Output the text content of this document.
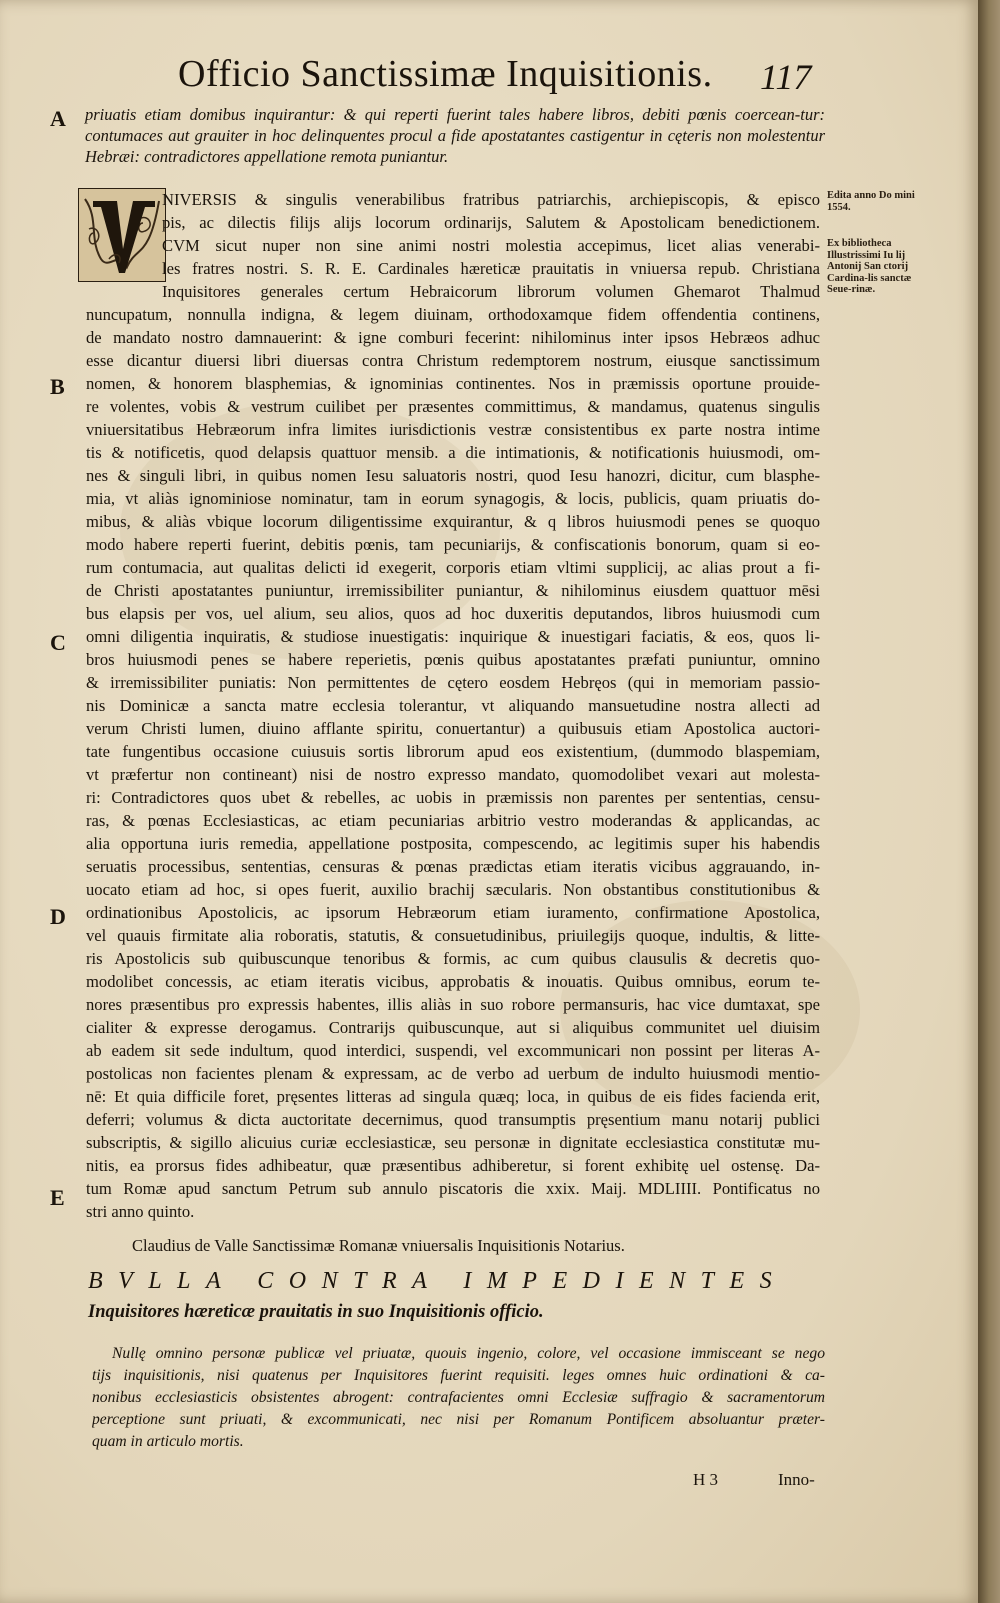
Officio Sanctissimæ Inquisitionis. 117
A
B
C
D
E
priuatis etiam domibus inquirantur: & qui reperti fuerint tales habere libros, debiti pœnis coercean-tur: contumaces aut grauiter in hoc delinquentes procul a fide apostatantes castigentur in cęteris non molestentur Hebræi: contradictores appellatione remota puniantur.
Edita anno Do mini 1554.
Ex bibliotheca Illustrissimi Iu lij Antonij San ctorij Cardina-lis sanctæ Seue-rinæ.
NIVERSIS & singulis venerabilibus fratribus patriarchis, archiepiscopis, & episco
pis, ac dilectis filijs alijs locorum ordinarijs, Salutem & Apostolicam benedictionem.
CVM sicut nuper non sine animi nostri molestia accepimus, licet alias venerabi-
les fratres nostri. S. R. E. Cardinales hæreticæ prauitatis in vniuersa repub. Christiana
Inquisitores generales certum Hebraicorum librorum volumen Ghemarot Thalmud
nuncupatum, nonnulla indigna, & legem diuinam, orthodoxamque fidem offendentia continens,
de mandato nostro damnauerint: & igne comburi fecerint: nihilominus inter ipsos Hebræos adhuc
esse dicantur diuersi libri diuersas contra Christum redemptorem nostrum, eiusque sanctissimum
nomen, & honorem blasphemias, & ignominias continentes. Nos in præmissis oportune prouide-
re volentes, vobis & vestrum cuilibet per præsentes committimus, & mandamus, quatenus singulis
vniuersitatibus Hebræorum infra limites iurisdictionis vestræ consistentibus ex parte nostra intime
tis & notificetis, quod delapsis quattuor mensib. a die intimationis, & notificationis huiusmodi, om-
nes & singuli libri, in quibus nomen Iesu saluatoris nostri, quod Iesu hanozri, dicitur, cum blasphe-
mia, vt aliàs ignominiose nominatur, tam in eorum synagogis, & locis, publicis, quam priuatis do-
mibus, & aliàs vbique locorum diligentissime exquirantur, & q libros huiusmodi penes se quoquo
modo habere reperti fuerint, debitis pœnis, tam pecuniarijs, & confiscationis bonorum, quam si eo-
rum contumacia, aut qualitas delicti id exegerit, corporis etiam vltimi supplicij, ac alias prout a fi-
de Christi apostatantes puniuntur, irremissibiliter puniantur, & nihilominus eiusdem quattuor mēsi
bus elapsis per vos, uel alium, seu alios, quos ad hoc duxeritis deputandos, libros huiusmodi cum
omni diligentia inquiratis, & studiose inuestigatis: inquirique & inuestigari faciatis, & eos, quos li-
bros huiusmodi penes se habere reperietis, pœnis quibus apostatantes præfati puniuntur, omnino
& irremissibiliter puniatis: Non permittentes de cętero eosdem Hebręos (qui in memoriam passio-
nis Dominicæ a sancta matre ecclesia tolerantur, vt aliquando mansuetudine nostra allecti ad
verum Christi lumen, diuino afflante spiritu, conuertantur) a quibusuis etiam Apostolica auctori-
tate fungentibus occasione cuiusuis sortis librorum apud eos existentium, (dummodo blaspemiam,
vt præfertur non contineant) nisi de nostro expresso mandato, quomodolibet vexari aut molesta-
ri: Contradictores quos ubet & rebelles, ac uobis in præmissis non parentes per sententias, censu-
ras, & pœnas Ecclesiasticas, ac etiam pecuniarias arbitrio vestro moderandas & applicandas, ac
alia opportuna iuris remedia, appellatione postposita, compescendo, ac legitimis super his habendis
seruatis processibus, sententias, censuras & pœnas prædictas etiam iteratis vicibus aggrauando, in-
uocato etiam ad hoc, si opes fuerit, auxilio brachij sæcularis. Non obstantibus constitutionibus &
ordinationibus Apostolicis, ac ipsorum Hebræorum etiam iuramento, confirmatione Apostolica,
vel quauis firmitate alia roboratis, statutis, & consuetudinibus, priuilegijs quoque, indultis, & litte-
ris Apostolicis sub quibuscunque tenoribus & formis, ac cum quibus clausulis & decretis quo-
modolibet concessis, ac etiam iteratis vicibus, approbatis & inouatis. Quibus omnibus, eorum te-
nores præsentibus pro expressis habentes, illis aliàs in suo robore permansuris, hac vice dumtaxat, spe
cialiter & expresse derogamus. Contrarijs quibuscunque, aut si aliquibus communitet uel diuisim
ab eadem sit sede indultum, quod interdici, suspendi, vel excommunicari non possint per literas A-
postolicas non facientes plenam & expressam, ac de verbo ad uerbum de indulto huiusmodi mentio-
nē: Et quia difficile foret, pręsentes litteras ad singula quæq; loca, in quibus de eis fides facienda erit,
deferri; volumus & dicta auctoritate decernimus, quod transumptis pręsentium manu notarij publici
subscriptis, & sigillo alicuius curiæ ecclesiasticæ, seu personæ in dignitate ecclesiastica constitutæ mu-
nitis, ea prorsus fides adhibeatur, quæ præsentibus adhiberetur, si forent exhibitę uel ostensę. Da-
tum Romæ apud sanctum Petrum sub annulo piscatoris die xxix. Maij. MDLIIII. Pontificatus no
stri anno quinto.
Claudius de Valle Sanctissimæ Romanæ vniuersalis Inquisitionis Notarius.
BVLLA CONTRA IMPEDIENTES
Inquisitores hæreticæ prauitatis in suo Inquisitionis officio.
Nullę omnino personæ publicæ vel priuatæ, quouis ingenio, colore, vel occasione immisceant se nego
tijs inquisitionis, nisi quatenus per Inquisitores fuerint requisiti. leges omnes huic ordinationi & ca-
nonibus ecclesiasticis obsistentes abrogent: contrafacientes omni Ecclesiæ suffragio & sacramentorum
perceptione sunt priuati, & excommunicati, nec nisi per Romanum Pontificem absoluantur præter-
quam in articulo mortis.
H 3	Inno-
